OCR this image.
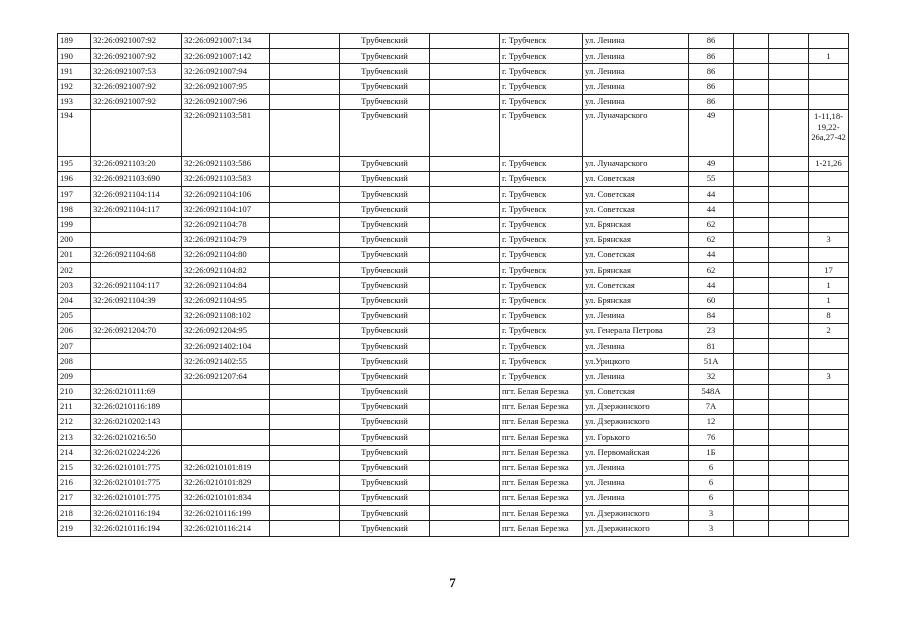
189	32:26:0921007:92	32:26:0921007:134		Трубчевский		г. Трубчевск	ул. Ленина	86			
190	32:26:0921007:92	32:26:0921007:142		Трубчевский		г. Трубчевск	ул. Ленина	86			1
191	32:26:0921007:53	32:26:0921007:94		Трубчевский		г. Трубчевск	ул. Ленина	86			
192	32:26:0921007:92	32:26:0921007:95		Трубчевский		г. Трубчевск	ул. Ленина	86			
193	32:26:0921007:92	32:26:0921007:96		Трубчевский		г. Трубчевск	ул. Ленина	86			
194		32:26:0921103:581		Трубчевский		г. Трубчевск	ул. Луначарского	49			1-11,18-19,22-26а,27-42
195	32:26:0921103:20	32:26:0921103:586		Трубчевский		г. Трубчевск	ул. Луначарского	49			1-21,26
196	32:26:0921103:690	32:26:0921103:583		Трубчевский		г. Трубчевск	ул. Советская	55			
197	32:26:0921104:114	32:26:0921104:106		Трубчевский		г. Трубчевск	ул. Советская	44			
198	32:26:0921104:117	32:26:0921104:107		Трубчевский		г. Трубчевск	ул. Советская	44			
199		32:26:0921104:78		Трубчевский		г. Трубчевск	ул. Брянская	62			
200		32:26:0921104:79		Трубчевский		г. Трубчевск	ул. Брянская	62			3
201	32:26:0921104:68	32:26:0921104:80		Трубчевский		г. Трубчевск	ул. Советская	44			
202		32:26:0921104:82		Трубчевский		г. Трубчевск	ул. Брянская	62			17
203	32:26:0921104:117	32:26:0921104:84		Трубчевский		г. Трубчевск	ул. Советская	44			1
204	32:26:0921104:39	32:26:0921104:95		Трубчевский		г. Трубчевск	ул. Брянская	60			1
205		32:26:0921108:102		Трубчевский		г. Трубчевск	ул. Ленина	84			8
206	32:26:0921204:70	32:26:0921204:95		Трубчевский		г. Трубчевск	ул. Генерала Петрова	23			2
207		32:26:0921402:104		Трубчевский		г. Трубчевск	ул. Ленина	81			
208		32:26:0921402:55		Трубчевский		г. Трубчевск	ул.Урицкого	51А			
209		32:26:0921207:64		Трубчевский		г. Трубчевск	ул. Ленина	32			3
210	32:26:0210111:69			Трубчевский		пгт. Белая Березка	ул. Советская	548А			
211	32:26:0210116:189			Трубчевский		пгт. Белая Березка	ул. Дзержинского	7А			
212	32:26:0210202:143			Трубчевский		пгт. Белая Березка	ул. Дзержинского	12			
213	32:26:0210216:50			Трубчевский		пгт. Белая Березка	ул. Горького	76			
214	32:26:0210224:226			Трубчевский		пгт. Белая Березка	ул. Первомайская	1Б			
215	32:26:0210101:775	32:26:0210101:819		Трубчевский		пгт. Белая Березка	ул. Ленина	6			
216	32:26:0210101:775	32:26:0210101:829		Трубчевский		пгт. Белая Березка	ул. Ленина	6			
217	32:26:0210101:775	32:26:0210101:834		Трубчевский		пгт. Белая Березка	ул. Ленина	6			
218	32:26:0210116:194	32:26:0210116:199		Трубчевский		пгт. Белая Березка	ул. Дзержинского	3			
219	32:26:0210116:194	32:26:0210116:214		Трубчевский		пгт. Белая Березка	ул. Дзержинского	3			
7
